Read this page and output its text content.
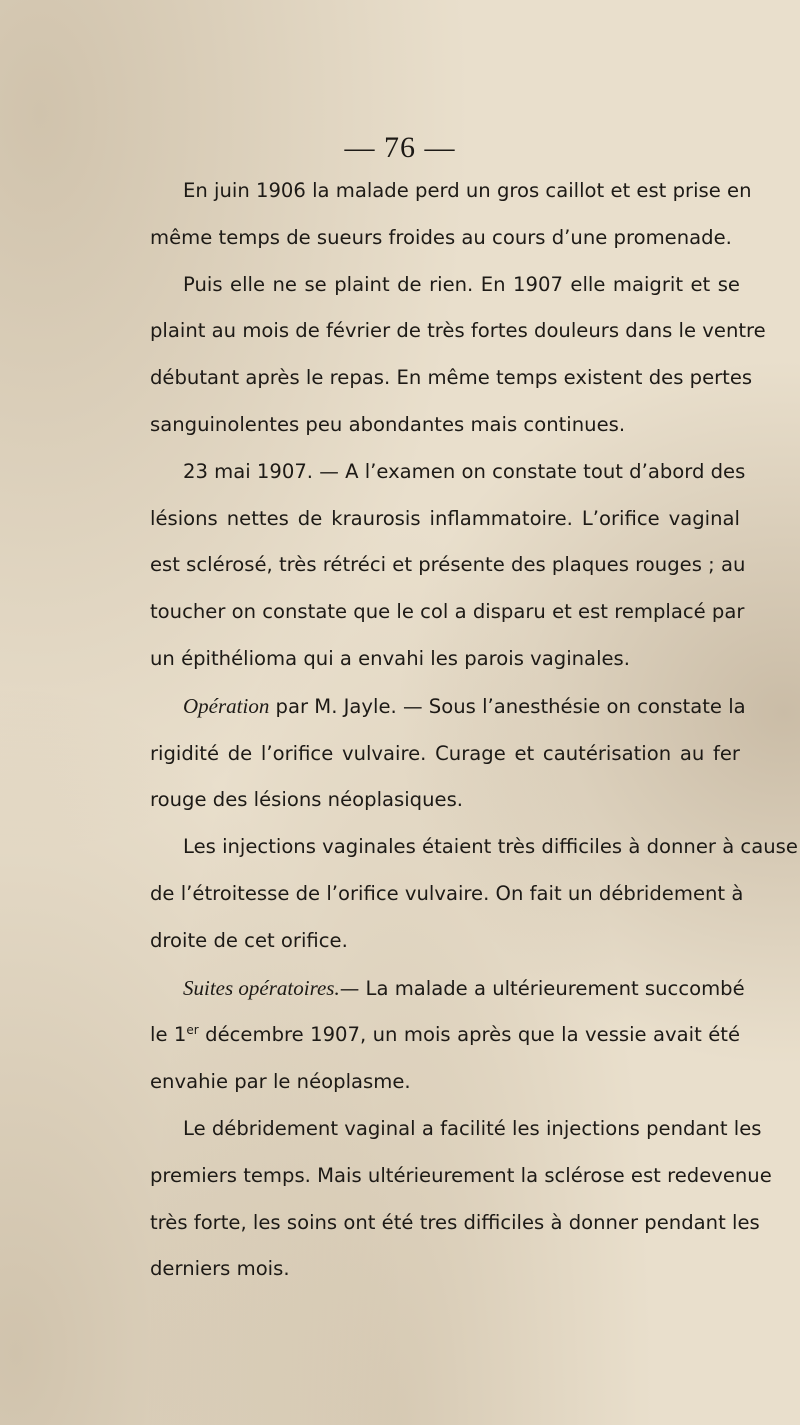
— 76 —
En juin 1906 la malade perd un gros caillot et est prise en
même temps de sueurs froides au cours d’une promenade.
Puis elle ne se plaint de rien. En 1907 elle maigrit et se
plaint au mois de février de très fortes douleurs dans le ventre
débutant après le repas. En même temps existent des pertes
sanguinolentes peu abondantes mais continues.
23 mai 1907. — A l’examen on constate tout d’abord des
lésions nettes de kraurosis inflammatoire. L’orifice vaginal
est sclérosé, très rétréci et présente des plaques rouges ; au
toucher on constate que le col a disparu et est remplacé par
un épithélioma qui a envahi les parois vaginales.
Opération par M. Jayle. — Sous l’anesthésie on constate la
rigidité de l’orifice vulvaire. Curage et cautérisation au fer
rouge des lésions néoplasiques.
Les injections vaginales étaient très difficiles à donner à cause
de l’étroitesse de l’orifice vulvaire. On fait un débridement à
droite de cet orifice.
Suites opératoires.— La malade a ultérieurement succombé
le 1er décembre 1907, un mois après que la vessie avait été
envahie par le néoplasme.
Le débridement vaginal a facilité les injections pendant les
premiers temps. Mais ultérieurement la sclérose est redevenue
très forte, les soins ont été tres difficiles à donner pendant les
derniers mois.
